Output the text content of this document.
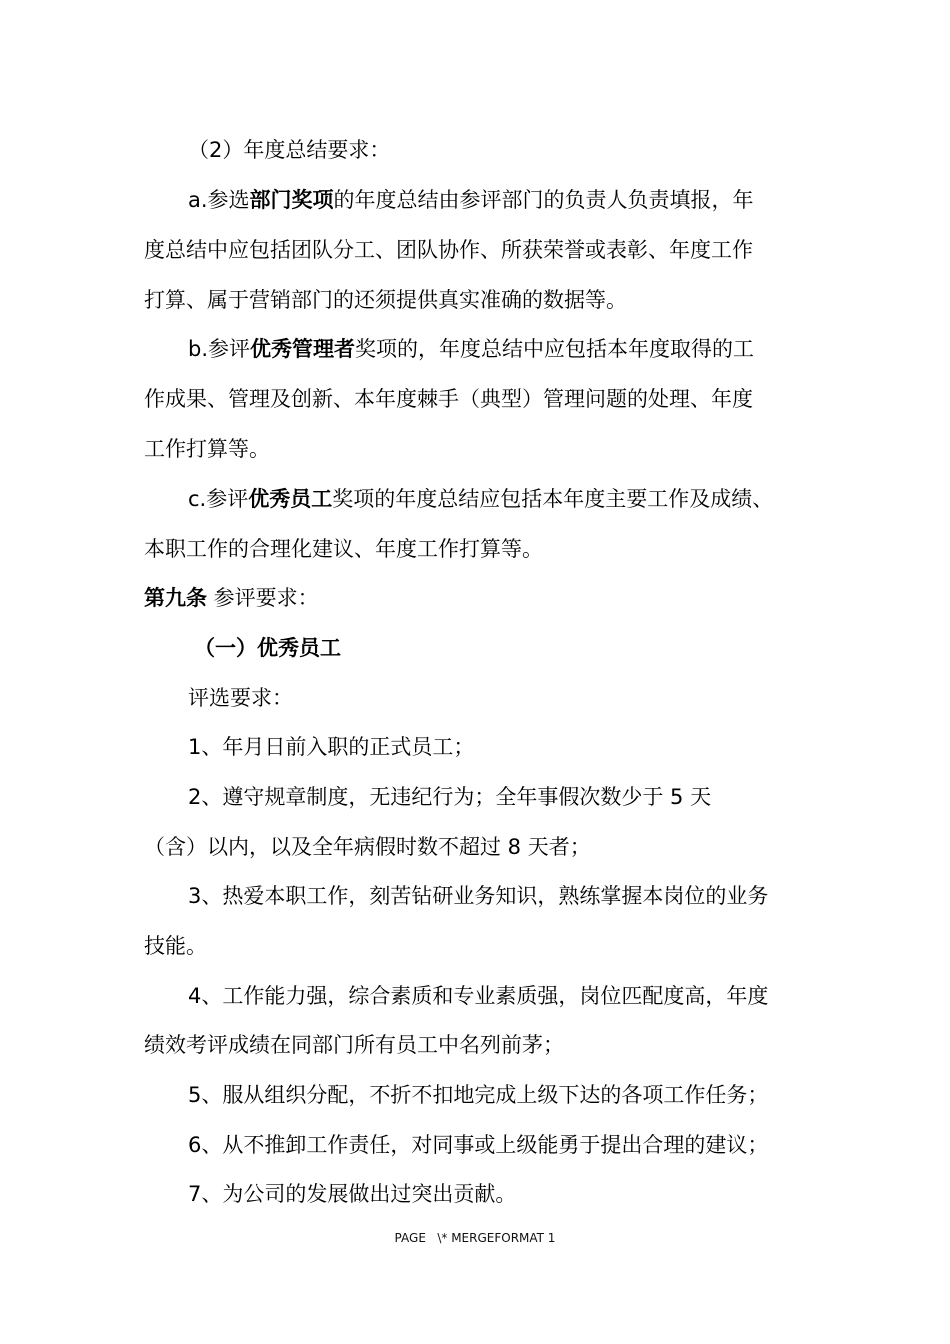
（2）年度总结要求：
a.参选部门奖项的年度总结由参评部门的负责人负责填报，年
度总结中应包括团队分工、团队协作、所获荣誉或表彰、年度工作
打算、属于营销部门的还须提供真实准确的数据等。
b.参评优秀管理者奖项的，年度总结中应包括本年度取得的工
作成果、管理及创新、本年度棘手（典型）管理问题的处理、年度
工作打算等。
c.参评优秀员工奖项的年度总结应包括本年度主要工作及成绩、
本职工作的合理化建议、年度工作打算等。
第九条 参评要求：
（一）优秀员工
评选要求：
1、年月日前入职的正式员工；
2、遵守规章制度，无违纪行为；全年事假次数少于 5 天
（含）以内，以及全年病假时数不超过 8 天者；
3、热爱本职工作，刻苦钻研业务知识，熟练掌握本岗位的业务
技能。
4、工作能力强，综合素质和专业素质强，岗位匹配度高，年度
绩效考评成绩在同部门所有员工中名列前茅；
5、服从组织分配，不折不扣地完成上级下达的各项工作任务；
6、从不推卸工作责任，对同事或上级能勇于提出合理的建议；
7、为公司的发展做出过突出贡献。
PAGE   \* MERGEFORMAT 1
